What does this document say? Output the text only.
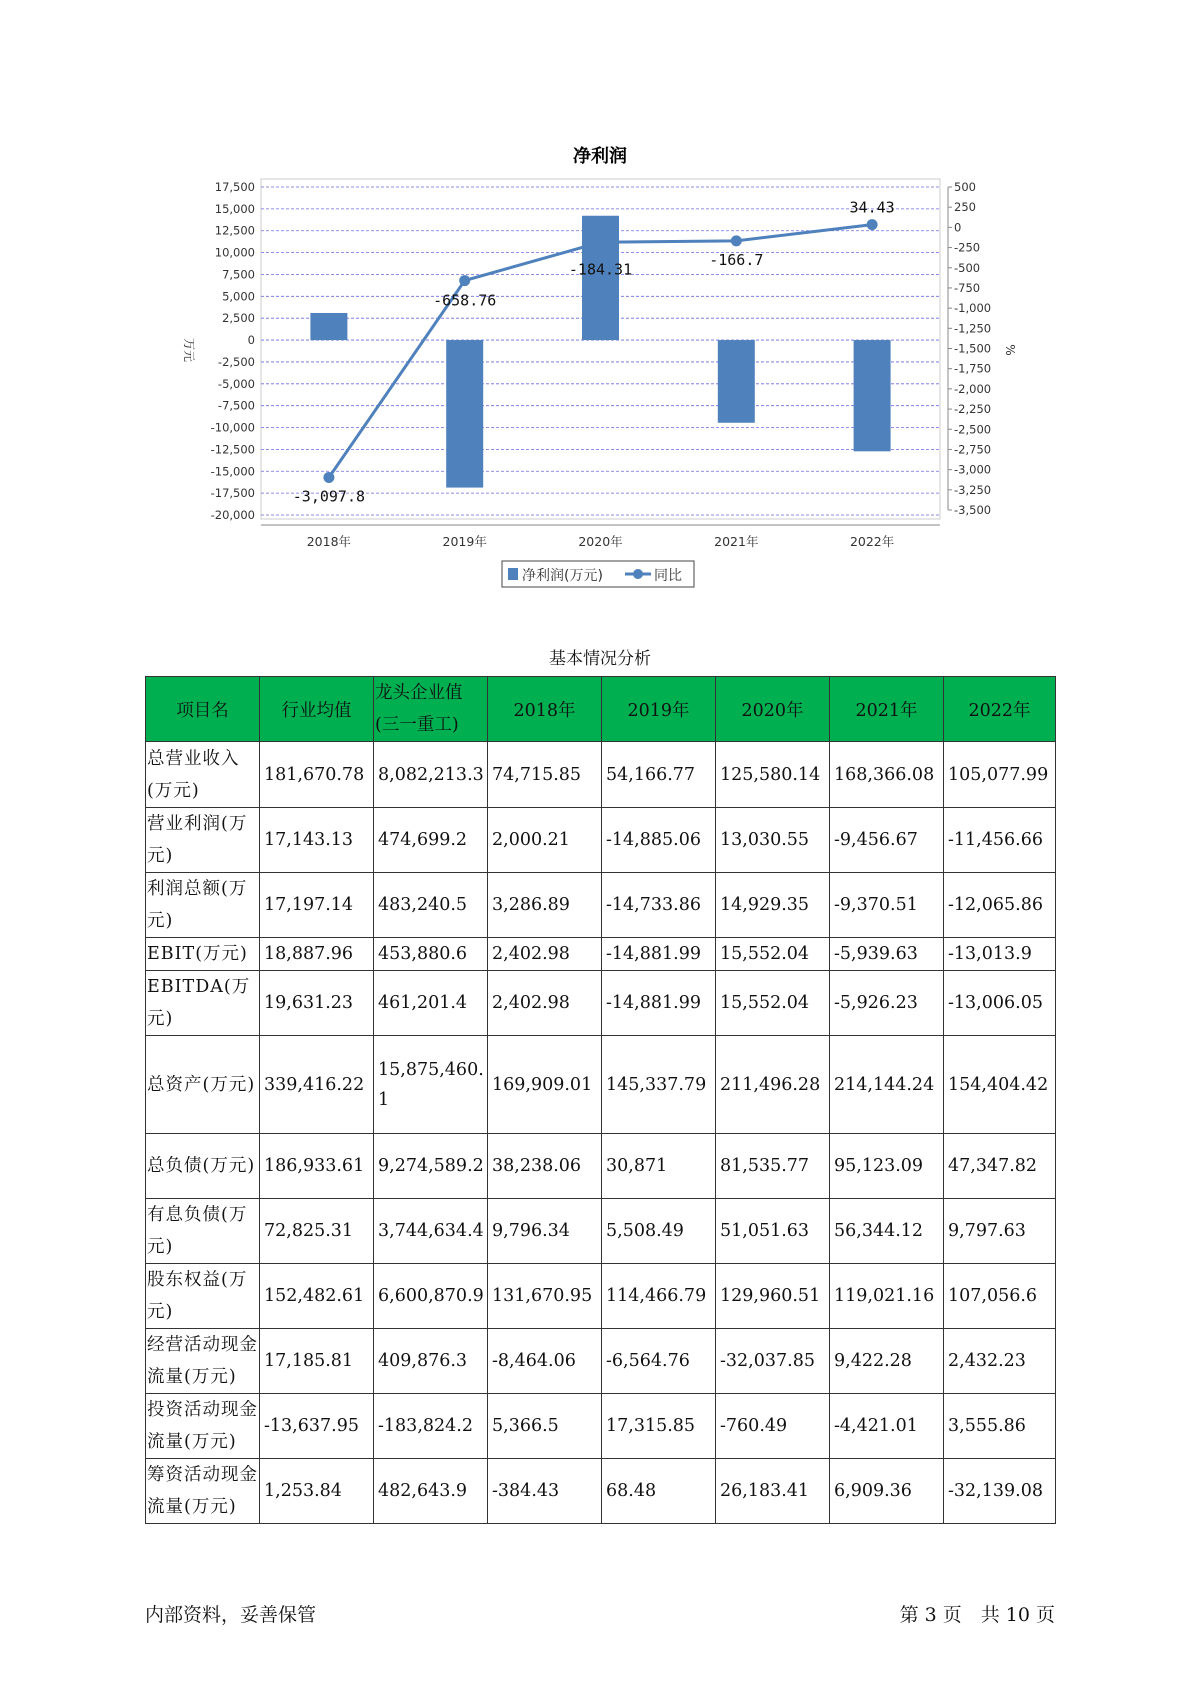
净利润
17,500
15,000
12,500
10,000
7,500
5,000
2,500
0
-2,500
-5,000
-7,500
-10,000
-12,500
-15,000
-17,500
-20,000
500
250
0
-250
-500
-750
-1,000
-1,250
-1,500
-1,750
-2,000
-2,250
-2,500
-2,750
-3,000
-3,250
-3,500
万元	%
-3,097.8
-658.76
-184.31
-166.7
34.43
2018年	2019年	2020年	2021年	2022年
净利润(万元)	同比
基本情况分析
项目名	行业均值	龙头企业值(三一重工)	2018年	2019年	2020年	2021年	2022年
总营业收入(万元)	181,670.78	8,082,213.3	74,715.85	54,166.77	125,580.14	168,366.08	105,077.99
营业利润(万元)	17,143.13	474,699.2	2,000.21	-14,885.06	13,030.55	-9,456.67	-11,456.66
利润总额(万元)	17,197.14	483,240.5	3,286.89	-14,733.86	14,929.35	-9,370.51	-12,065.86
EBIT(万元)	18,887.96	453,880.6	2,402.98	-14,881.99	15,552.04	-5,939.63	-13,013.9
EBITDA(万元)	19,631.23	461,201.4	2,402.98	-14,881.99	15,552.04	-5,926.23	-13,006.05
总资产(万元)	339,416.22	15,875,460.1	169,909.01	145,337.79	211,496.28	214,144.24	154,404.42
总负债(万元)	186,933.61	9,274,589.2	38,238.06	30,871	81,535.77	95,123.09	47,347.82
有息负债(万元)	72,825.31	3,744,634.4	9,796.34	5,508.49	51,051.63	56,344.12	9,797.63
股东权益(万元)	152,482.61	6,600,870.9	131,670.95	114,466.79	129,960.51	119,021.16	107,056.6
经营活动现金流量(万元)	17,185.81	409,876.3	-8,464.06	-6,564.76	-32,037.85	9,422.28	2,432.23
投资活动现金流量(万元)	-13,637.95	-183,824.2	5,366.5	17,315.85	-760.49	-4,421.01	3,555.86
筹资活动现金流量(万元)	1,253.84	482,643.9	-384.43	68.48	26,183.41	6,909.36	-32,139.08
内部资料，妥善保管	第 3 页　共 10 页
